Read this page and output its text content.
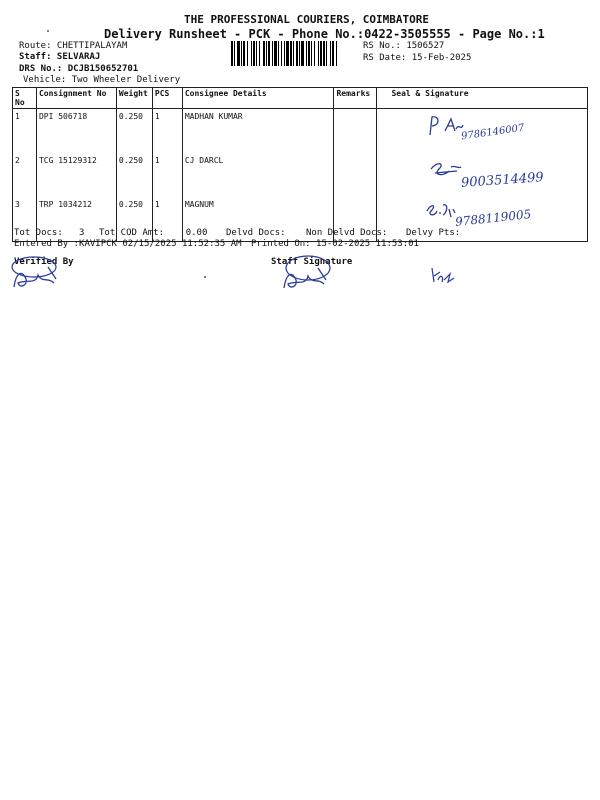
THE PROFESSIONAL COURIERS, COIMBATORE
Delivery Runsheet - PCK - Phone No.:0422-3505555 - Page No.:1
Route: CHETTIPALAYAM
Staff: SELVARAJ
DRS No.: DCJB150652701
Vehicle: Two Wheeler Delivery
RS No.: 1506527
RS Date: 15-Feb-2025
S No	Consignment No	Weight	PCS	Consignee Details	Remarks	Seal & Signature
1	DPI 506718	0.250	1	MADHAN KUMAR		9786146007

2	TCG 15129312	0.250	1	CJ DARCL		9003514499

3	TRP 1034212	0.250	1	MAGNUM		9788119005
Tot Docs:   3 Tot COD Amt:    0.00 Delvd Docs: Non Delvd Docs: Delvy Pts:
Entered By :KAVIPCK 02/15/2025 11:52:35 AM Printed On: 15-02-2025 11:53:01
Verified By	Staff Signature
